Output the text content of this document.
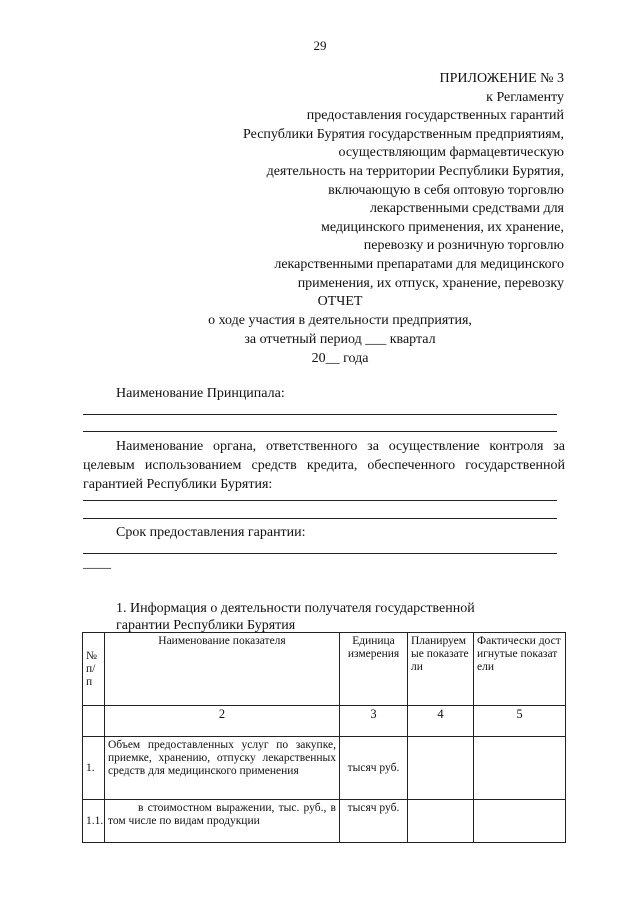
29
ПРИЛОЖЕНИЕ № 3
к Регламенту
предоставления государственных гарантий
Республики Бурятия государственным предприятиям,
осуществляющим фармацевтическую
деятельность на территории Республики Бурятия,
включающую в себя оптовую торговлю
лекарственными средствами для
медицинского применения, их хранение,
перевозку и розничную торговлю
лекарственными препаратами для медицинского
применения, их отпуск, хранение, перевозку
ОТЧЕТ
о ходе участия в деятельности предприятия,
за отчетный период ___ квартал
20__ года
Наименование Принципала:
Наименование органа, ответственного за осуществление контроля за целевым использованием средств кредита, обеспеченного государственной гарантией Республики Бурятия:
Срок предоставления гарантии:
____
1. Информация о деятельности получателя государственной
гарантии Республики Бурятия
№ п/п	Наименование показателя	Единица измерения	Планируемые показатели	Фактически достигнутые показатели
	2	3	4	5
1.	Объем предоставленных услуг по закупке, приемке, хранению, отпуску лекарственных средств для медицинского применения	тысяч руб.		
1.1.	в стоимостном выражении, тыс. руб., в том числе по видам продукции	тысяч руб.		
